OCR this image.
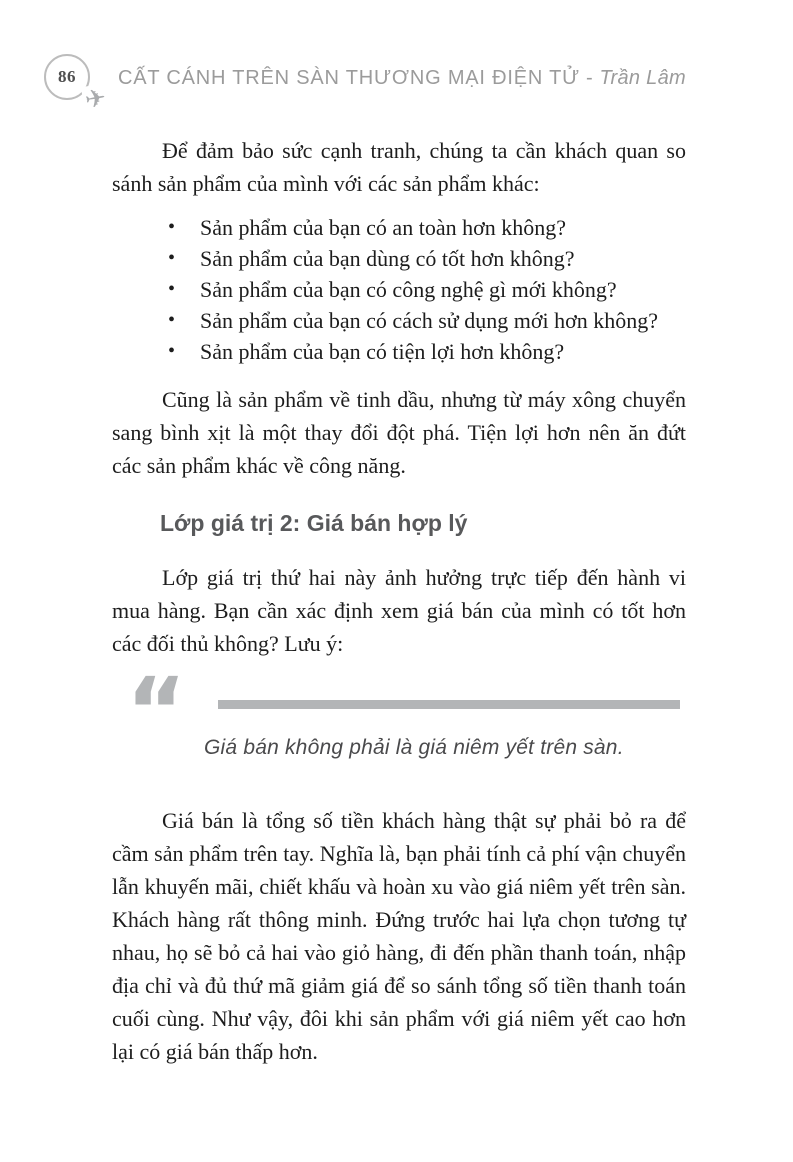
86
✈
CẤT CÁNH TRÊN SÀN THƯƠNG MẠI ĐIỆN TỬ - Trần Lâm

Để đảm bảo sức cạnh tranh, chúng ta cần khách quan so sánh sản phẩm của mình với các sản phẩm khác:

• Sản phẩm của bạn có an toàn hơn không?
• Sản phẩm của bạn dùng có tốt hơn không?
• Sản phẩm của bạn có công nghệ gì mới không?
• Sản phẩm của bạn có cách sử dụng mới hơn không?
• Sản phẩm của bạn có tiện lợi hơn không?

Cũng là sản phẩm về tinh dầu, nhưng từ máy xông chuyển sang bình xịt là một thay đổi đột phá. Tiện lợi hơn nên ăn đứt các sản phẩm khác về công năng.

Lớp giá trị 2: Giá bán hợp lý

Lớp giá trị thứ hai này ảnh hưởng trực tiếp đến hành vi mua hàng. Bạn cần xác định xem giá bán của mình có tốt hơn các đối thủ không? Lưu ý:

“ Giá bán không phải là giá niêm yết trên sàn.

Giá bán là tổng số tiền khách hàng thật sự phải bỏ ra để cầm sản phẩm trên tay. Nghĩa là, bạn phải tính cả phí vận chuyển lẫn khuyến mãi, chiết khấu và hoàn xu vào giá niêm yết trên sàn. Khách hàng rất thông minh. Đứng trước hai lựa chọn tương tự nhau, họ sẽ bỏ cả hai vào giỏ hàng, đi đến phần thanh toán, nhập địa chỉ và đủ thứ mã giảm giá để so sánh tổng số tiền thanh toán cuối cùng. Như vậy, đôi khi sản phẩm với giá niêm yết cao hơn lại có giá bán thấp hơn.
